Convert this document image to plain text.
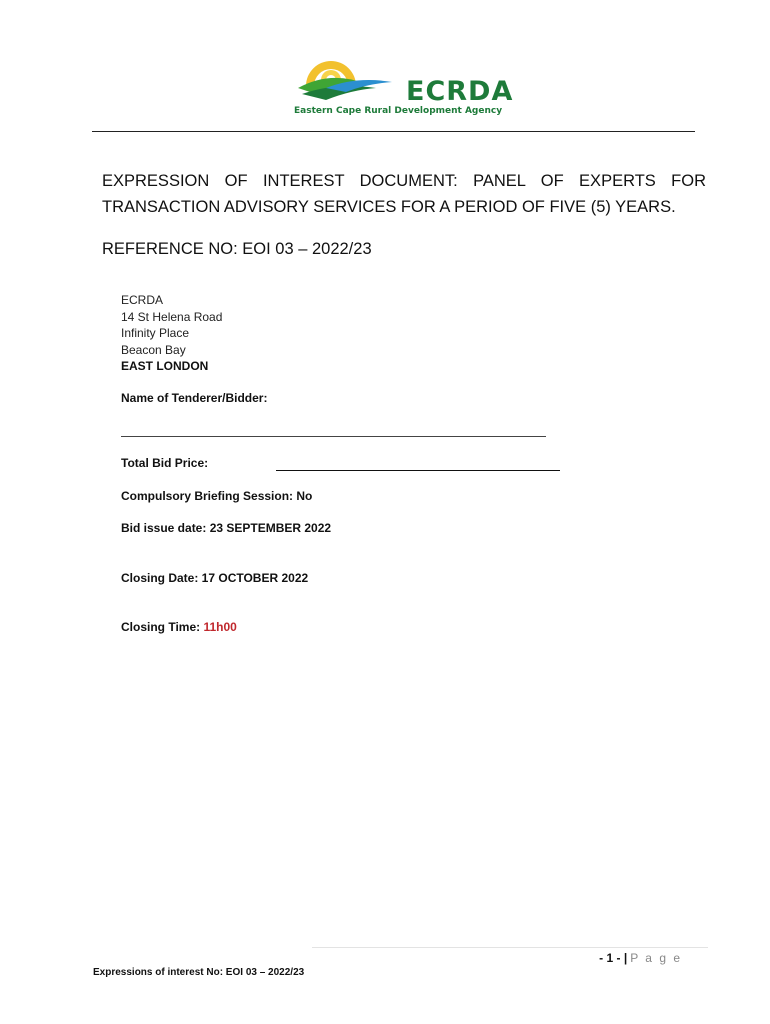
ECRDA
Eastern Cape Rural Development Agency
EXPRESSION OF INTEREST DOCUMENT: PANEL OF EXPERTS FOR TRANSACTION ADVISORY SERVICES FOR A PERIOD OF FIVE (5) YEARS.
REFERENCE NO: EOI 03 – 2022/23
ECRDA
14 St Helena Road
Infinity Place
Beacon Bay
EAST LONDON
Name of Tenderer/Bidder:
Total Bid Price:
Compulsory Briefing Session: No
Bid issue date: 23 SEPTEMBER 2022
Closing Date: 17 OCTOBER 2022
Closing Time: 11h00
- 1 - | P a g e
Expressions of interest No: EOI 03 – 2022/23
